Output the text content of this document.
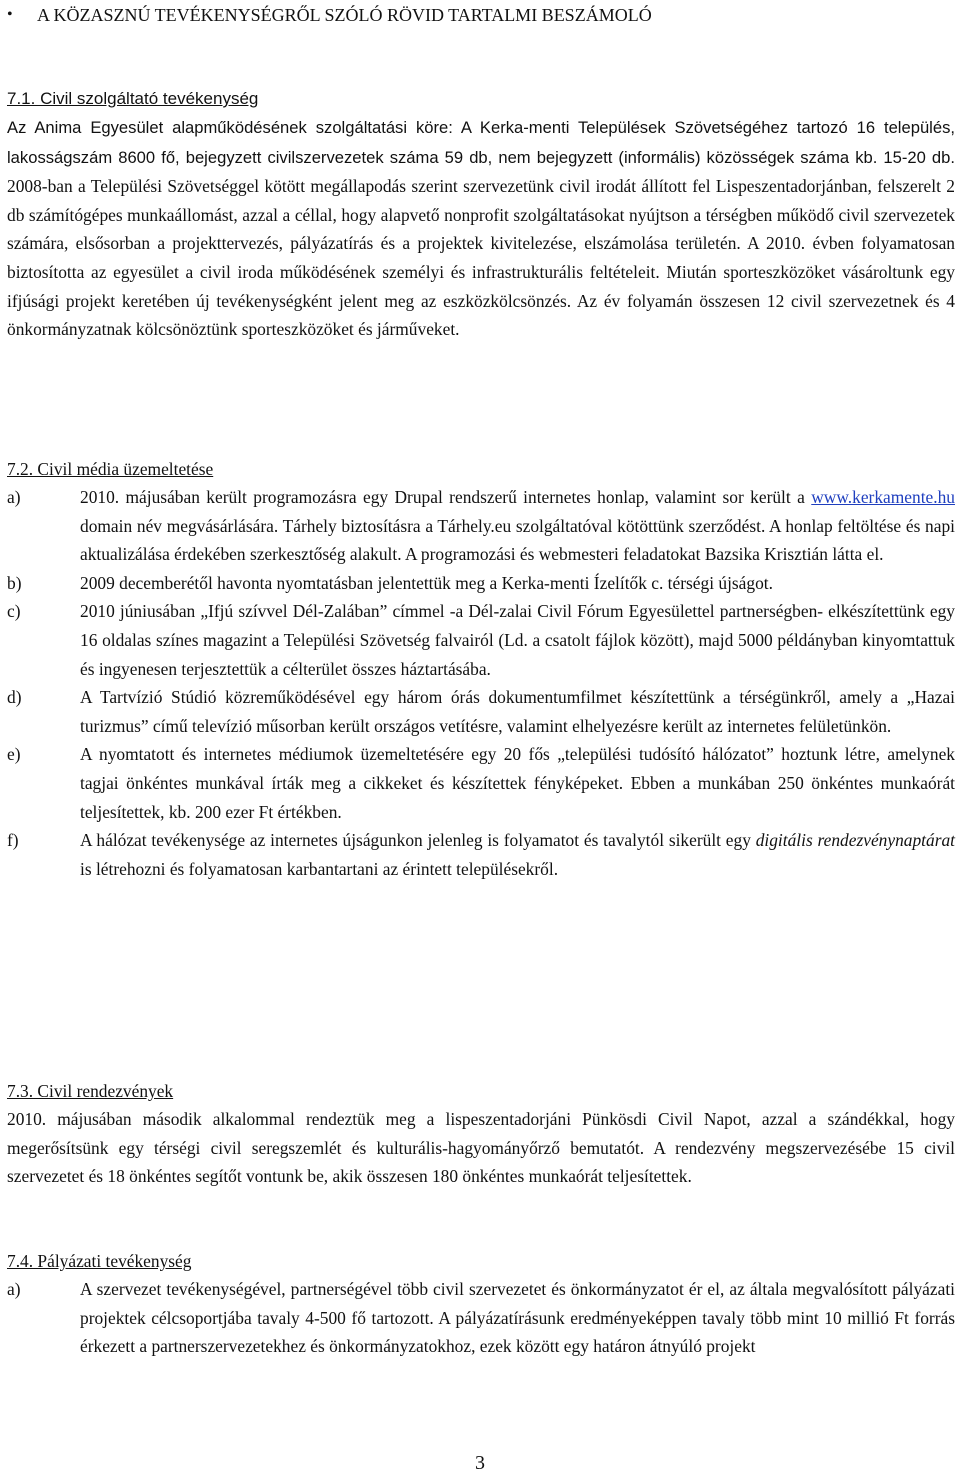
• A KÖZASZNÚ TEVÉKENYSÉGRŐL SZÓLÓ RÖVID TARTALMI BESZÁMOLÓ
7.1. Civil szolgáltató tevékenység
Az Anima Egyesület alapműködésének szolgáltatási köre: A Kerka-menti Települések Szövetségéhez tartozó 16 település, lakosságszám 8600 fő, bejegyzett civilszervezetek száma 59 db, nem bejegyzett (informális) közösségek száma kb. 15-20 db. 2008-ban a Települési Szövetséggel kötött megállapodás szerint szervezetünk civil irodát állított fel Lispeszentadorjánban, felszerelt 2 db számítógépes munkaállomást, azzal a céllal, hogy alapvető nonprofit szolgáltatásokat nyújtson a térségben működő civil szervezetek számára, elsősorban a projekttervezés, pályázatírás és a projektek kivitelezése, elszámolása területén. A 2010. évben folyamatosan biztosította az egyesület a civil iroda működésének személyi és infrastrukturális feltételeit. Miután sporteszközöket vásároltunk egy ifjúsági projekt keretében új tevékenységként jelent meg az eszközkölcsönzés. Az év folyamán összesen 12 civil szervezetnek és 4 önkormányzatnak kölcsönöztünk sporteszközöket és járműveket.
7.2. Civil média üzemeltetése
a)	2010. májusában került programozásra egy Drupal rendszerű internetes honlap, valamint sor került a www.kerkamente.hu domain név megvásárlására. Tárhely biztosításra a Tárhely.eu szolgáltatóval kötöttünk szerződést. A honlap feltöltése és napi aktualizálása érdekében szerkesztőség alakult. A programozási és webmesteri feladatokat Bazsika Krisztián látta el.
b)	2009 decemberétől havonta nyomtatásban jelentettük meg a Kerka-menti Ízelítők c. térségi újságot.
c)	2010 júniusában „Ifjú szívvel Dél-Zalában” címmel -a Dél-zalai Civil Fórum Egyesülettel partnerségben- elkészítettünk egy 16 oldalas színes magazint a Települési Szövetség falvairól (Ld. a csatolt fájlok között), majd 5000 példányban kinyomtattuk és ingyenesen terjesztettük a célterület összes háztartásába.
d)	A Tartvízió Stúdió közreműködésével egy három órás dokumentumfilmet készítettünk a térségünkről, amely a „Hazai turizmus” című televízió műsorban került országos vetítésre, valamint elhelyezésre került az internetes felületünkön.
e)	A nyomtatott és internetes médiumok üzemeltetésére egy 20 fős „települési tudósító hálózatot” hoztunk létre, amelynek tagjai önkéntes munkával írták meg a cikkeket és készítettek fényképeket. Ebben a munkában 250 önkéntes munkaórát teljesítettek, kb. 200 ezer Ft értékben.
f)	A hálózat tevékenysége az internetes újságunkon jelenleg is folyamatot és tavalytól sikerült egy digitális rendezvénynaptárat is létrehozni és folyamatosan karbantartani az érintett településekről.
7.3. Civil rendezvények
2010. májusában második alkalommal rendeztük meg a lispeszentadorjáni Pünkösdi Civil Napot, azzal a szándékkal, hogy megerősítsünk egy térségi civil seregszemlét és kulturális-hagyományőrző bemutatót. A rendezvény megszervezésébe 15 civil szervezetet és 18 önkéntes segítőt vontunk be, akik összesen 180 önkéntes munkaórát teljesítettek.
7.4. Pályázati tevékenység
a)	A szervezet tevékenységével, partnerségével több civil szervezetet és önkormányzatot ér el, az általa megvalósított pályázati projektek célcsoportjába tavaly 4-500 fő tartozott. A pályázatírásunk eredményeképpen tavaly több mint 10 millió Ft forrás érkezett a partnerszervezetekhez és önkormányzatokhoz, ezek között egy határon átnyúló projekt
3
